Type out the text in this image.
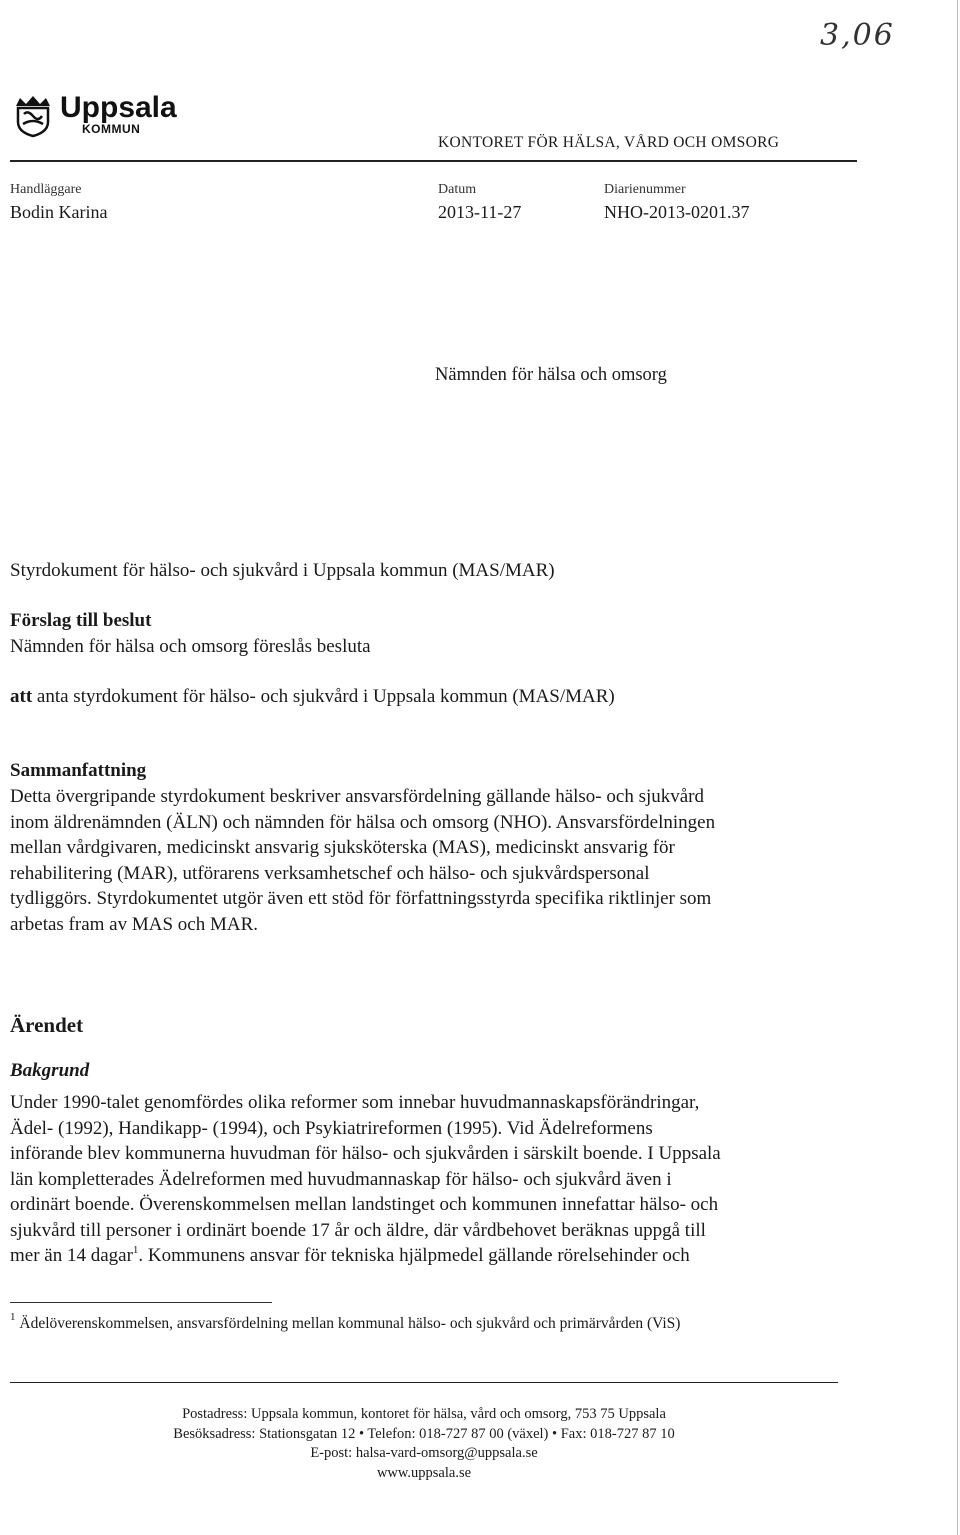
3,06
Uppsala
KOMMUN
KONTORET FÖR HÄLSA, VÅRD OCH OMSORG
Handläggare
Bodin Karina
Datum
2013-11-27
Diarienummer
NHO-2013-0201.37
Nämnden för hälsa och omsorg
Styrdokument för hälso- och sjukvård i Uppsala kommun (MAS/MAR)
Förslag till beslut
Nämnden för hälsa och omsorg föreslås besluta
att anta styrdokument för hälso- och sjukvård i Uppsala kommun (MAS/MAR)
Sammanfattning
Detta övergripande styrdokument beskriver ansvarsfördelning gällande hälso- och sjukvård
inom äldrenämnden (ÄLN) och nämnden för hälsa och omsorg (NHO). Ansvarsfördelningen
mellan vårdgivaren, medicinskt ansvarig sjuksköterska (MAS), medicinskt ansvarig för
rehabilitering (MAR), utförarens verksamhetschef och hälso- och sjukvårdspersonal
tydliggörs. Styrdokumentet utgör även ett stöd för författningsstyrda specifika riktlinjer som
arbetas fram av MAS och MAR.
Ärendet
Bakgrund
Under 1990-talet genomfördes olika reformer som innebar huvudmannaskapsförändringar,
Ädel- (1992), Handikapp- (1994), och Psykiatrireformen (1995). Vid Ädelreformens
införande blev kommunerna huvudman för hälso- och sjukvården i särskilt boende. I Uppsala
län kompletterades Ädelreformen med huvudmannaskap för hälso- och sjukvård även i
ordinärt boende. Överenskommelsen mellan landstinget och kommunen innefattar hälso- och
sjukvård till personer i ordinärt boende 17 år och äldre, där vårdbehovet beräknas uppgå till
mer än 14 dagar$^1$. Kommunens ansvar för tekniska hjälpmedel gällande rörelsehinder och
$^1$ Ädelöverenskommelsen, ansvarsfördelning mellan kommunal hälso- och sjukvård och primärvården (ViS)
Postadress: Uppsala kommun, kontoret för hälsa, vård och omsorg, 753 75 Uppsala
Besöksadress: Stationsgatan 12 • Telefon: 018-727 87 00 (växel) • Fax: 018-727 87 10
E-post: halsa-vard-omsorg@uppsala.se
www.uppsala.se
